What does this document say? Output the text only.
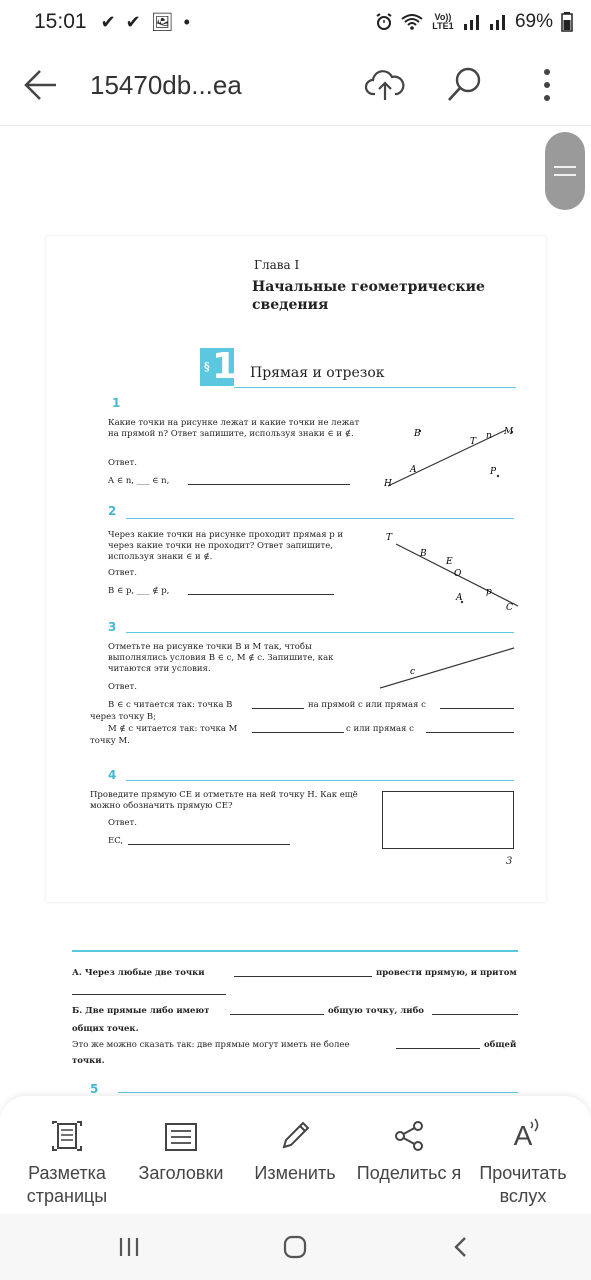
15:01 ✔ ✔ 🖼 •	Vo)) LTE1	69%
15470db...ea
Глава I
Начальные геометрические сведения
§ 1 Прямая и отрезок
1
Какие точки на рисунке лежат и какие точки не лежат на прямой n? Ответ запишите, используя знаки ∈ и ∉.
Ответ.
A ∈ n, ___ ∈ n,
B
T
n M
A	P
H
2
Через какие точки на рисунке проходит прямая p и через какие точки не проходит? Ответ запишите, используя знаки ∈ и ∉.
Ответ.
B ∈ p, ___ ∉ p,
T
B
E
O
p
A
C
3
Отметьте на рисунке точки B и M так, чтобы выполнялись условия B ∈ c, M ∉ c. Запишите, как читаются эти условия.
Ответ.
B ∈ c читается так: точка B	на прямой c или прямая c
через точку B;
M ∉ c читается так: точка M	с или прямая c
точку M.
c
4
Проведите прямую CE и отметьте на ней точку H. Как ещё можно обозначить прямую CE?
Ответ.
EC,
3
А. Через любые две точки	провести прямую, и притом
Б. Две прямые либо имеют	общую точку, либо
общих точек.
Это же можно сказать так: две прямые могут иметь не более	общей
точки.
5
Разметка страницы
Заголовки	Изменить	Поделитьс я
A
Прочитать вслух
